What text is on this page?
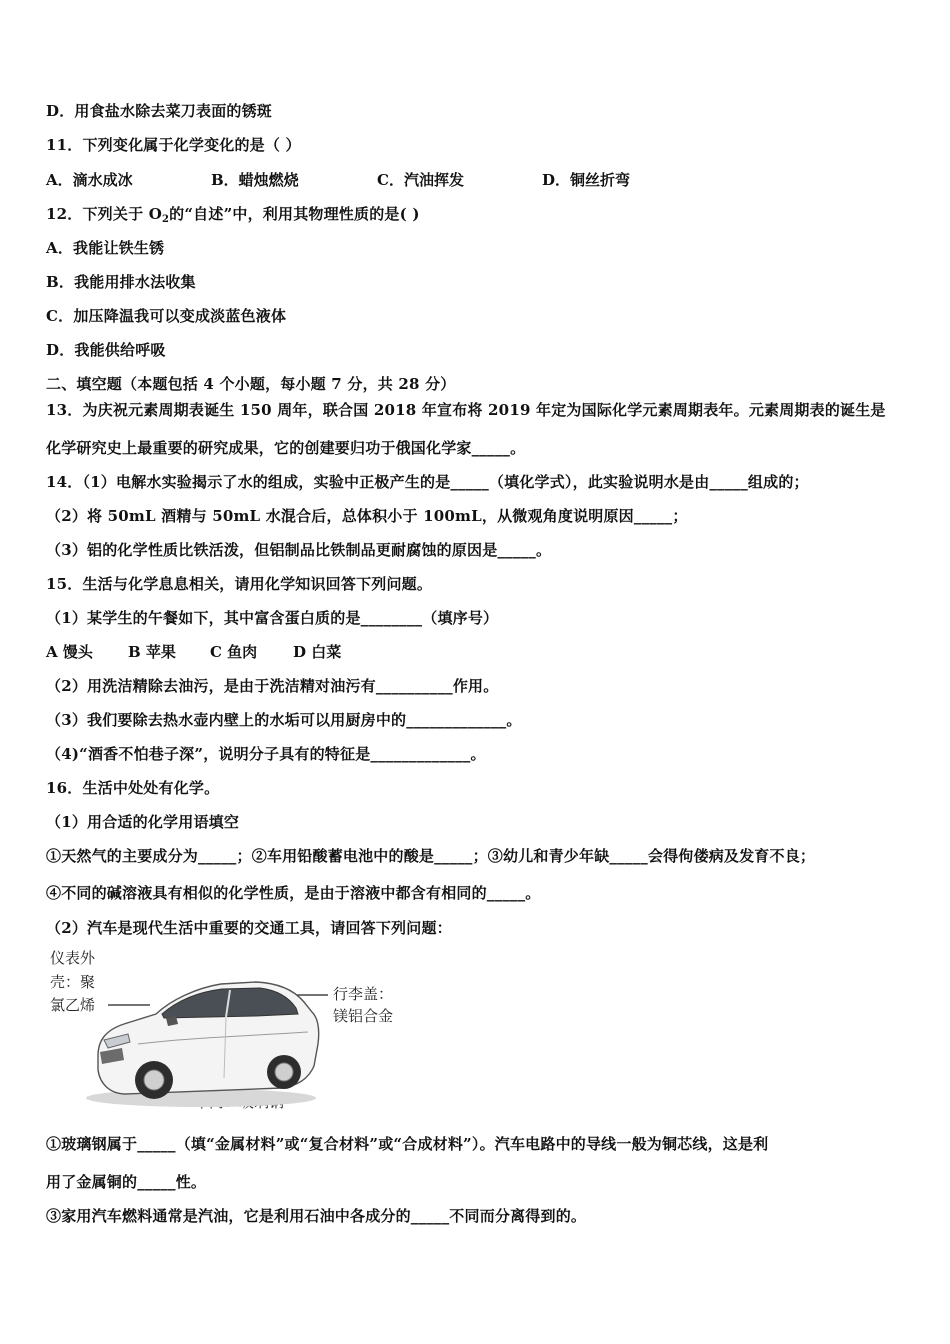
D．用食盐水除去菜刀表面的锈斑
11．下列变化属于化学变化的是（ ）
A．滴水成冰	B．蜡烛燃烧	C．汽油挥发	D．铜丝折弯
12．下列关于 $O_2$的“自述”中，利用其物理性质的是( )
A．我能让铁生锈
B．我能用排水法收集
C．加压降温我可以变成淡蓝色液体
D．我能供给呼吸
二、填空题（本题包括 4 个小题，每小题 7 分，共 28 分）
13．为庆祝元素周期表诞生 150 周年，联合国 2018 年宣布将 2019 年定为国际化学元素周期表年。元素周期表的诞生是
化学研究史上最重要的研究成果，它的创建要归功于俄国化学家_____。
14．（1）电解水实验揭示了水的组成，实验中正极产生的是_____（填化学式），此实验说明水是由_____组成的；
（2）将 50mL 酒精与 50mL 水混合后，总体积小于 100mL，从微观角度说明原因_____；
（3）铝的化学性质比铁活泼，但铝制品比铁制品更耐腐蚀的原因是_____。
15．生活与化学息息相关，请用化学知识回答下列问题。
（1）某学生的午餐如下，其中富含蛋白质的是________（填序号）
A 馒头 B 苹果 C 鱼肉 D 白菜
（2）用洗洁精除去油污，是由于洗洁精对油污有__________作用。
（3）我们要除去热水壶内壁上的水垢可以用厨房中的_____________。
（4)“酒香不怕巷子深”，说明分子具有的特征是_____________。
16．生活中处处有化学。
（1）用合适的化学用语填空
①天然气的主要成分为_____；②车用铅酸蓄电池中的酸是_____；③幼儿和青少年缺_____会得佝偻病及发育不良；
④不同的碱溶液具有相似的化学性质，是由于溶液中都含有相同的_____。
（2）汽车是现代生活中重要的交通工具，请回答下列问题：
仪表外
壳：聚
氯乙烯
行李盖：
镁铝合金
①玻璃钢属于_____（填“金属材料”或“复合材料”或“合成材料”）。汽车电路中的导线一般为铜芯线，这是利
用了金属铜的_____性。
③家用汽车燃料通常是汽油，它是利用石油中各成分的_____不同而分离得到的。
